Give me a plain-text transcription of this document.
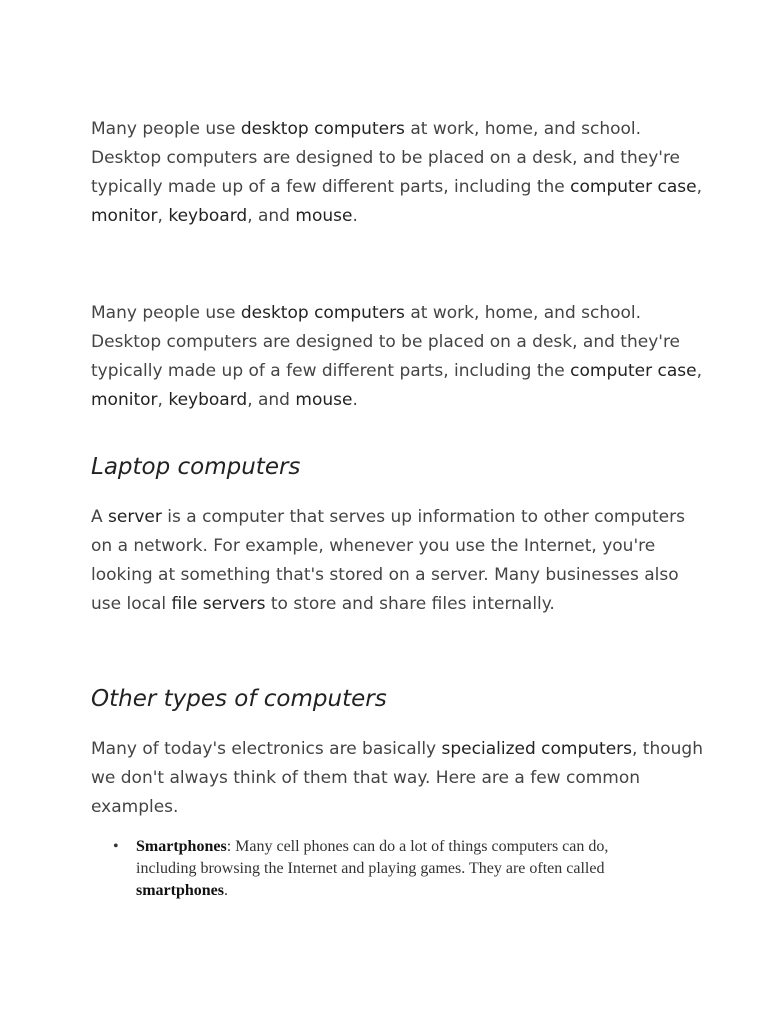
Many people use desktop computers at work, home, and school. Desktop computers are designed to be placed on a desk, and they're typically made up of a few different parts, including the computer case, monitor, keyboard, and mouse.

Many people use desktop computers at work, home, and school. Desktop computers are designed to be placed on a desk, and they're typically made up of a few different parts, including the computer case, monitor, keyboard, and mouse.

Laptop computers

A server is a computer that serves up information to other computers on a network. For example, whenever you use the Internet, you're looking at something that's stored on a server. Many businesses also use local file servers to store and share files internally.

Other types of computers

Many of today's electronics are basically specialized computers, though we don't always think of them that way. Here are a few common examples.

• Smartphones: Many cell phones can do a lot of things computers can do, including browsing the Internet and playing games. They are often called smartphones.
